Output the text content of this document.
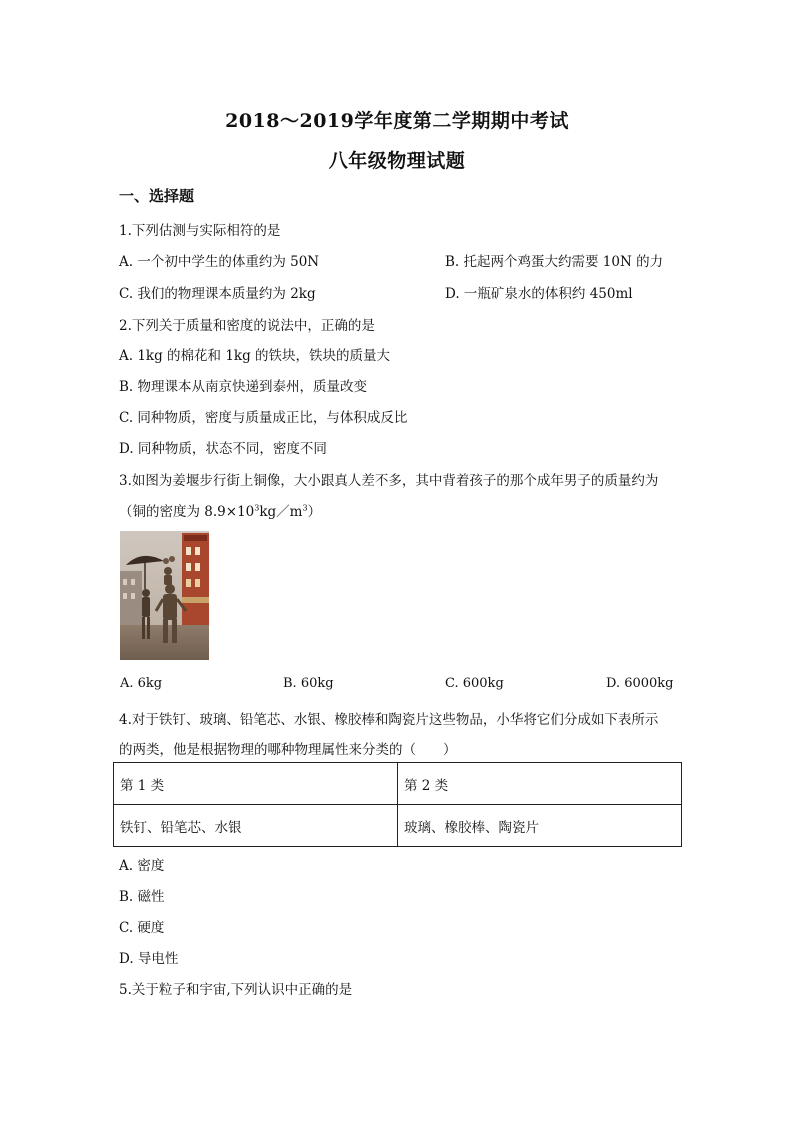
2018～2019学年度第二学期期中考试
八年级物理试题
一、选择题
1.下列估测与实际相符的是
A. 一个初中学生的体重约为 50N	B. 托起两个鸡蛋大约需要 10N 的力
C. 我们的物理课本质量约为 2kg	D. 一瓶矿泉水的体积约 450ml
2.下列关于质量和密度的说法中，正确的是
A. 1kg 的棉花和 1kg 的铁块，铁块的质量大
B. 物理课本从南京快递到泰州，质量改变
C. 同种物质，密度与质量成正比，与体积成反比
D. 同种物质，状态不同，密度不同
3.如图为姜堰步行街上铜像，大小跟真人差不多，其中背着孩子的那个成年男子的质量约为
（铜的密度为 $8.9\times 10^3kg/m^3$）
A. 6kg	B. 60kg	C. 600kg	D. 6000kg
4.对于铁钉、玻璃、铅笔芯、水银、橡胶棒和陶瓷片这些物品，小华将它们分成如下表所示
的两类，他是根据物理的哪种物理属性来分类的（　　）
第 1 类	第 2 类
铁钉、铅笔芯、水银	玻璃、橡胶棒、陶瓷片
A. 密度
B. 磁性
C. 硬度
D. 导电性
5.关于粒子和宇宙,下列认识中正确的是
